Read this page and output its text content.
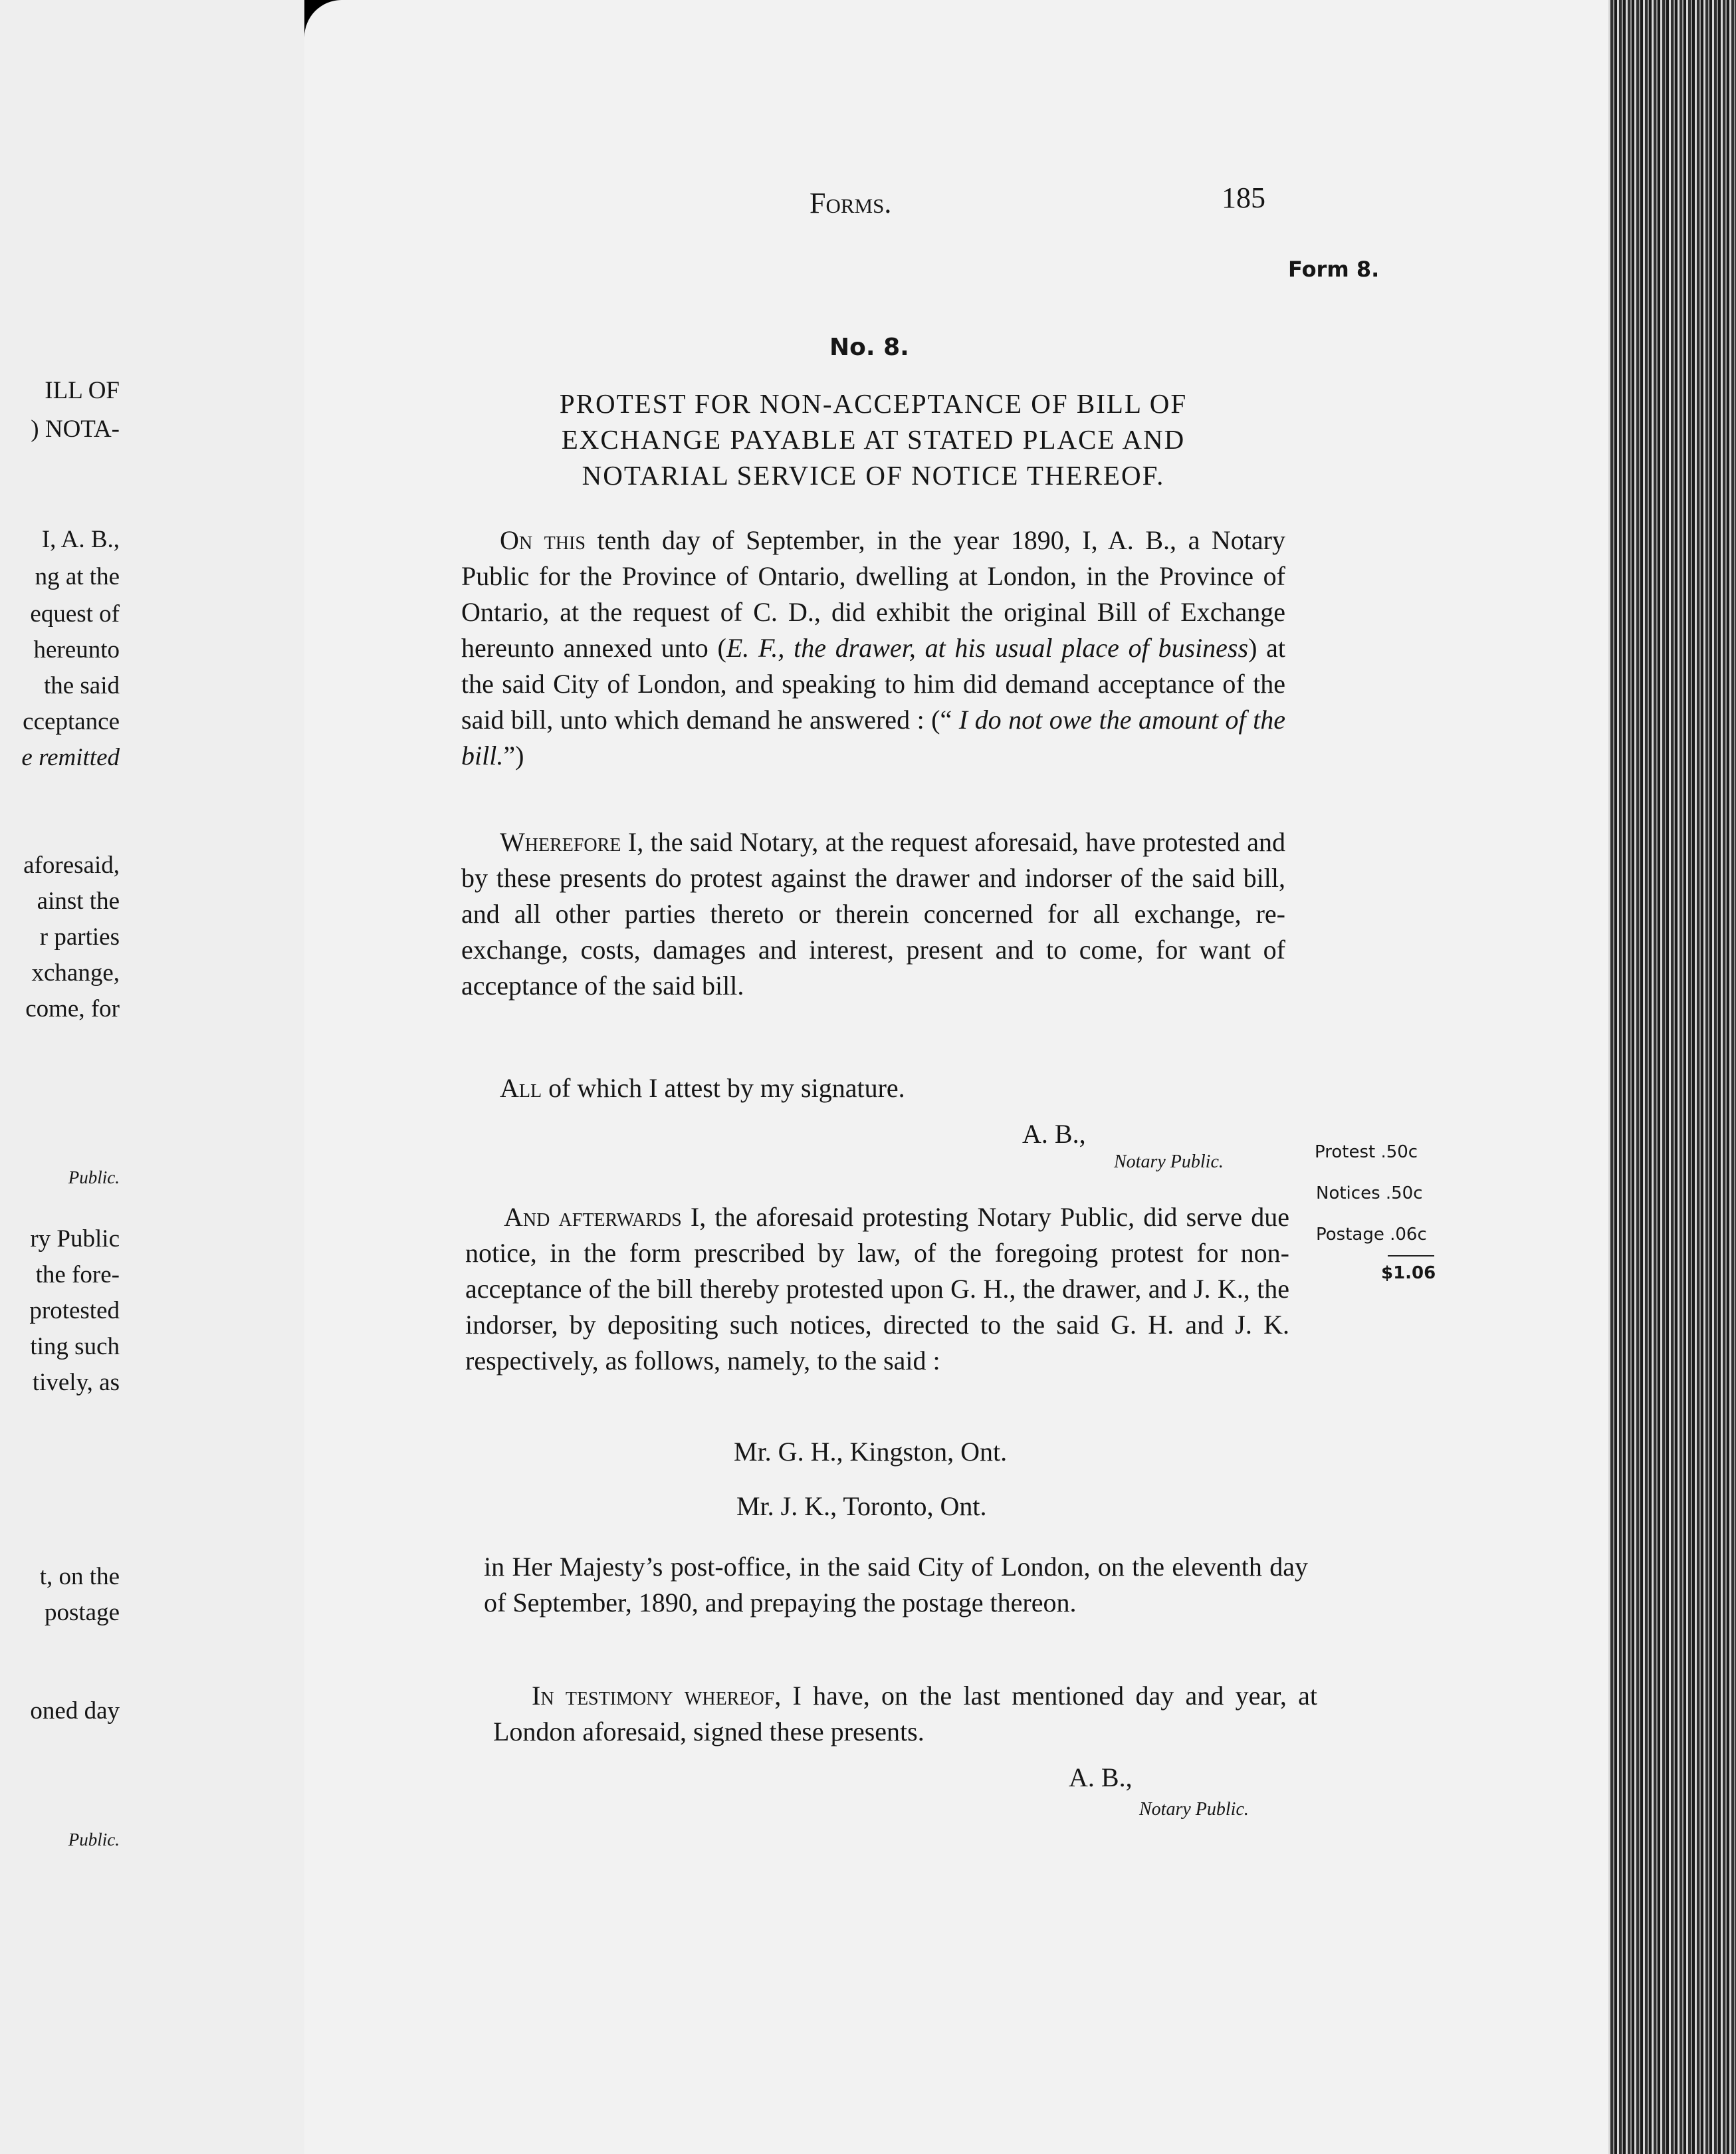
ILL OF
) NOTA-
I, A. B.,
ng at the
equest of
hereunto
the said
cceptance
e remitted
aforesaid,
ainst the
r parties
xchange,
come, for
Public.
ry Public
the fore-
protested
ting such
tively, as
t, on the
postage
oned day
Public.
Forms.	185
Form 8.
No. 8.
PROTEST FOR NON-ACCEPTANCE OF BILL OF
EXCHANGE PAYABLE AT STATED PLACE AND
NOTARIAL SERVICE OF NOTICE THEREOF.

On this tenth day of September, in the year 1890, I, A. B., a Notary Public for the Province of Ontario, dwelling at London, in the Province of Ontario, at the request of C. D., did exhibit the original Bill of Exchange hereunto annexed unto (E. F., the drawer, at his usual place of business) at the said City of London, and speaking to him did demand acceptance of the said bill, unto which demand he answered : (“ I do not owe the amount of the bill.”)

Wherefore I, the said Notary, at the request aforesaid, have protested and by these presents do protest against the drawer and indorser of the said bill, and all other parties thereto or therein concerned for all exchange, re-exchange, costs, damages and interest, present and to come, for want of acceptance of the said bill.

All of which I attest by my signature.

A. B.,
Notary Public.	Protest .50c
Notices .50c
Postage .06c
$1.06

And afterwards I, the aforesaid protesting Notary Public, did serve due notice, in the form prescribed by law, of the foregoing protest for non-acceptance of the bill thereby protested upon G. H., the drawer, and J. K., the indorser, by depositing such notices, directed to the said G. H. and J. K. respectively, as follows, namely, to the said :

Mr. G. H., Kingston, Ont.
Mr. J. K., Toronto, Ont.

in Her Majesty’s post-office, in the said City of London, on the eleventh day of September, 1890, and prepaying the postage thereon.

In testimony whereof, I have, on the last mentioned day and year, at London aforesaid, signed these presents.

A. B.,
Notary Public.
